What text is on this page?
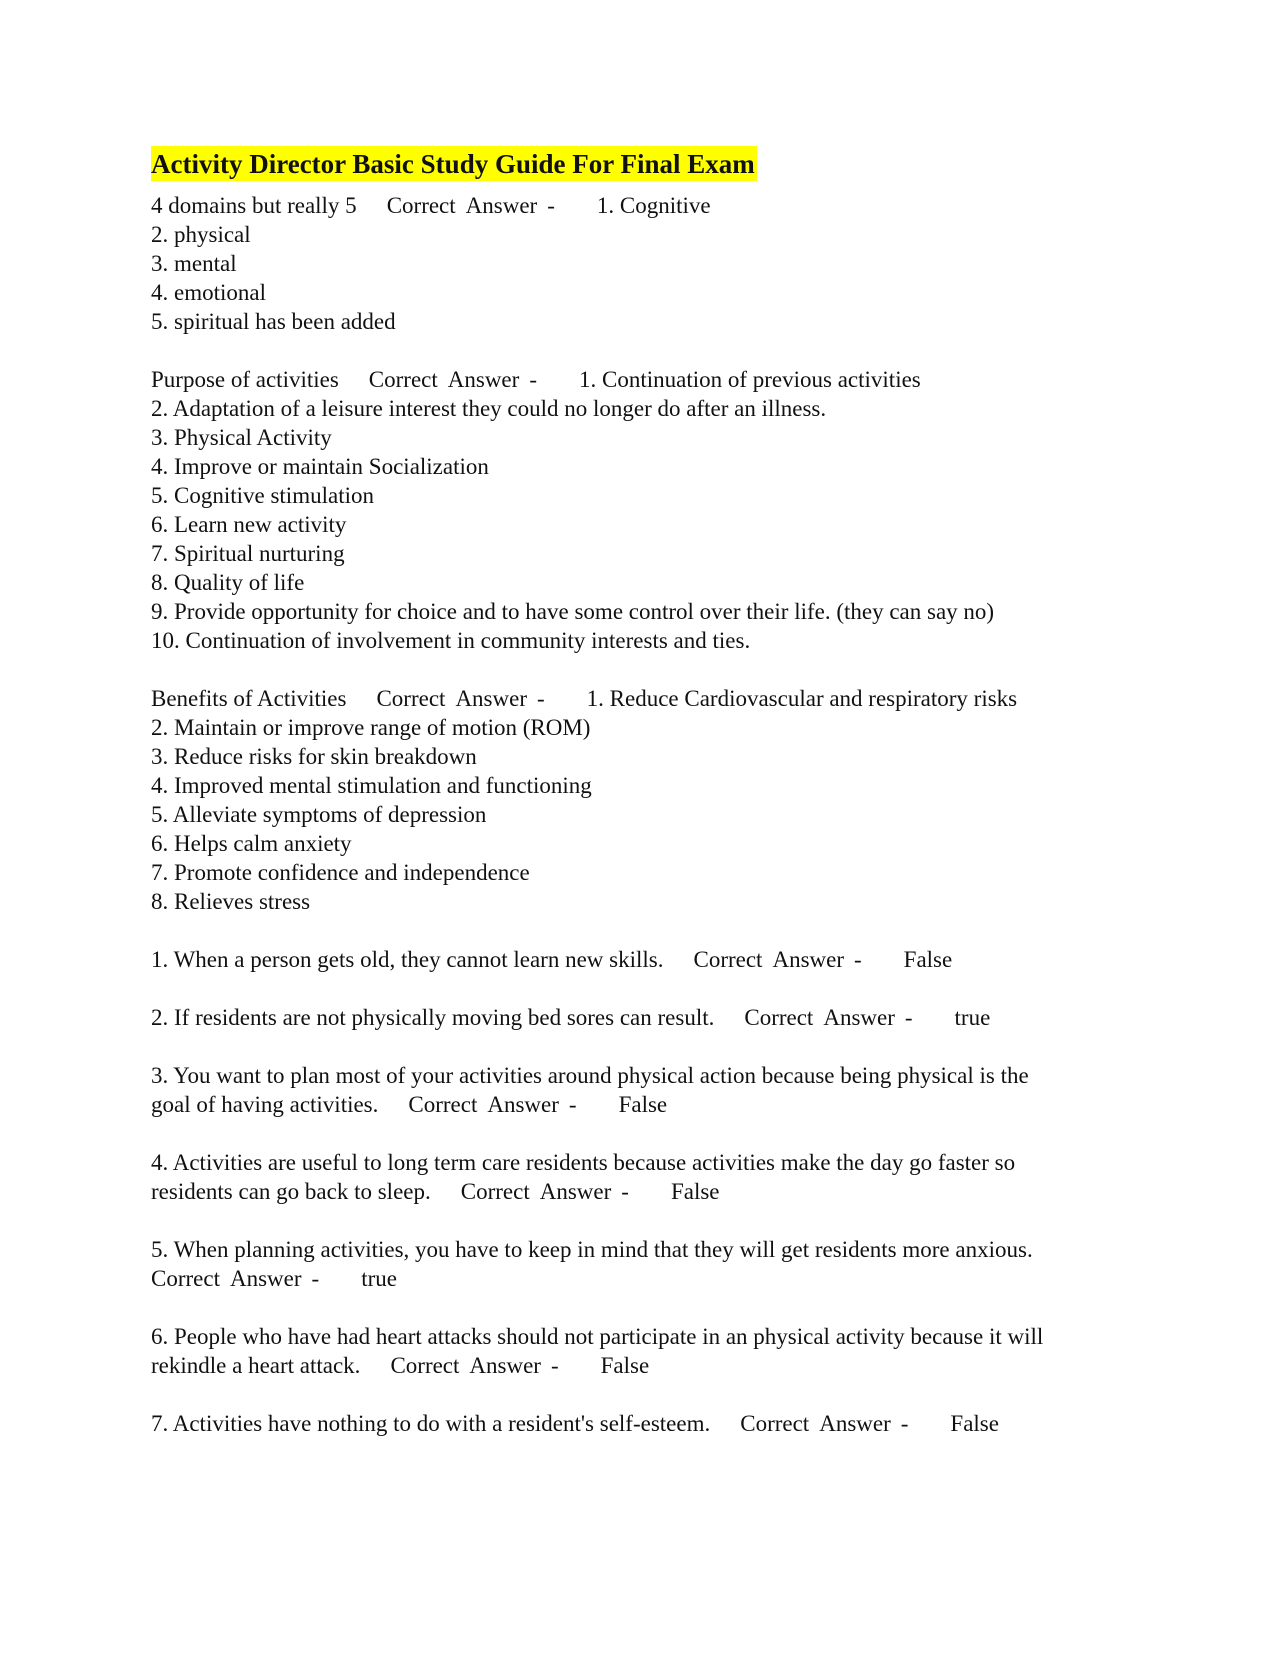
Activity Director Basic Study Guide For Final Exam
4 domains but really 5 Correct Answer - 1. Cognitive
2. physical
3. mental
4. emotional
5. spiritual has been added
Purpose of activities Correct Answer - 1. Continuation of previous activities
2. Adaptation of a leisure interest they could no longer do after an illness.
3. Physical Activity
4. Improve or maintain Socialization
5. Cognitive stimulation
6. Learn new activity
7. Spiritual nurturing
8. Quality of life
9. Provide opportunity for choice and to have some control over their life. (they can say no)
10. Continuation of involvement in community interests and ties.
Benefits of Activities Correct Answer - 1. Reduce Cardiovascular and respiratory risks
2. Maintain or improve range of motion (ROM)
3. Reduce risks for skin breakdown
4. Improved mental stimulation and functioning
5. Alleviate symptoms of depression
6. Helps calm anxiety
7. Promote confidence and independence
8. Relieves stress
1. When a person gets old, they cannot learn new skills. Correct Answer - False
2. If residents are not physically moving bed sores can result. Correct Answer - true
3. You want to plan most of your activities around physical action because being physical is the
goal of having activities. Correct Answer - False
4. Activities are useful to long term care residents because activities make the day go faster so
residents can go back to sleep. Correct Answer - False
5. When planning activities, you have to keep in mind that they will get residents more anxious.
Correct Answer - true
6. People who have had heart attacks should not participate in an physical activity because it will
rekindle a heart attack. Correct Answer - False
7. Activities have nothing to do with a resident's self-esteem. Correct Answer - False
